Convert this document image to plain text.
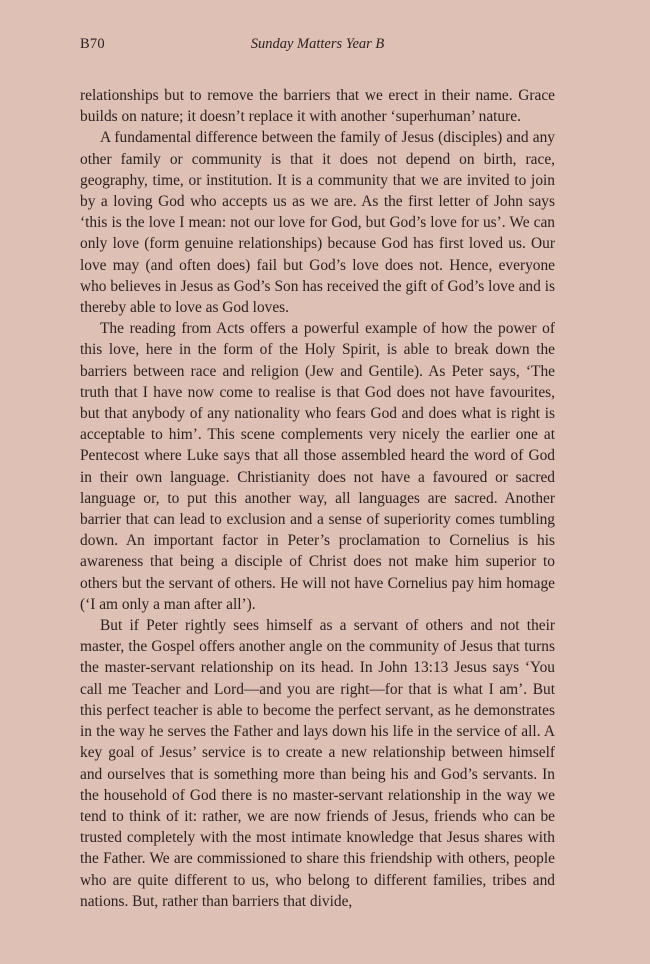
B70	Sunday Matters Year B

relationships but to remove the barriers that we erect in their name. Grace builds on nature; it doesn’t replace it with another ‘superhuman’ nature.

A fundamental difference between the family of Jesus (disciples) and any other family or community is that it does not depend on birth, race, geography, time, or institution. It is a community that we are invited to join by a loving God who accepts us as we are. As the first letter of John says ‘this is the love I mean: not our love for God, but God’s love for us’. We can only love (form genuine relationships) because God has first loved us. Our love may (and often does) fail but God’s love does not. Hence, everyone who believes in Jesus as God’s Son has received the gift of God’s love and is thereby able to love as God loves.

The reading from Acts offers a powerful example of how the power of this love, here in the form of the Holy Spirit, is able to break down the barriers between race and religion (Jew and Gentile). As Peter says, ‘The truth that I have now come to realise is that God does not have favourites, but that anybody of any nationality who fears God and does what is right is acceptable to him’. This scene complements very nicely the earlier one at Pentecost where Luke says that all those assembled heard the word of God in their own language. Christianity does not have a favoured or sacred language or, to put this another way, all languages are sacred. Another barrier that can lead to exclusion and a sense of superiority comes tumbling down. An important factor in Peter’s proclamation to Cornelius is his awareness that being a disciple of Christ does not make him superior to others but the servant of others. He will not have Cornelius pay him homage (‘I am only a man after all’).

But if Peter rightly sees himself as a servant of others and not their master, the Gospel offers another angle on the community of Jesus that turns the master-servant relationship on its head. In John 13:13 Jesus says ‘You call me Teacher and Lord—and you are right—for that is what I am’. But this perfect teacher is able to become the perfect servant, as he demonstrates in the way he serves the Father and lays down his life in the service of all. A key goal of Jesus’ service is to create a new relationship between himself and ourselves that is something more than being his and God’s servants. In the household of God there is no master-servant relationship in the way we tend to think of it: rather, we are now friends of Jesus, friends who can be trusted completely with the most intimate knowledge that Jesus shares with the Father. We are commissioned to share this friendship with others, people who are quite different to us, who belong to different families, tribes and nations. But, rather than barriers that divide,
